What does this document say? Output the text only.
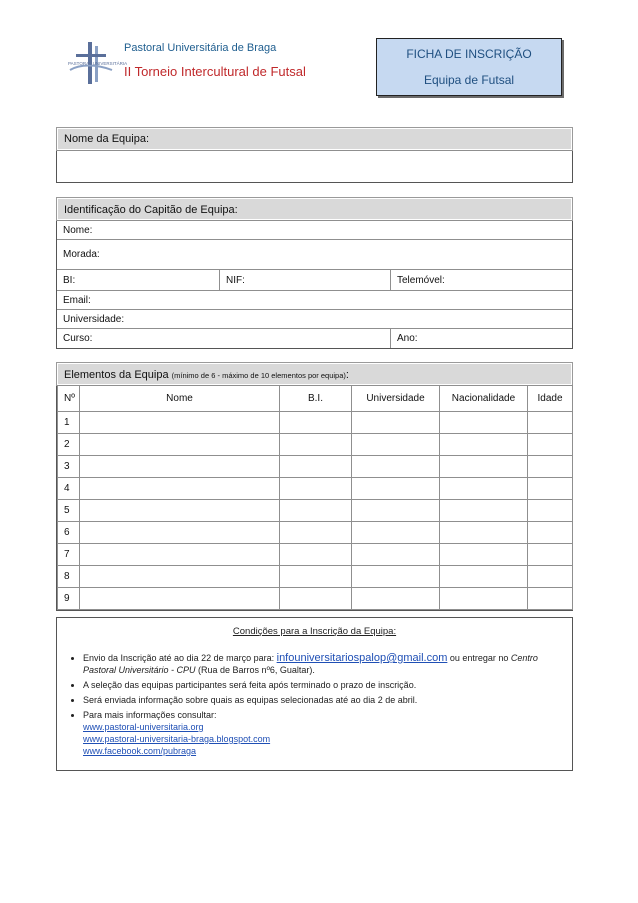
PASTORAL UNIVERSITÁRIA
Pastoral Universitária de Braga
II Torneio Intercultural de Futsal
FICHA DE INSCRIÇÃO
Equipa de Futsal
Nome da Equipa:
Identificação do Capitão de Equipa:
Nome:
Morada:
BI:	NIF:	Telemóvel:
Email:
Universidade:
Curso:	Ano:
Elementos da Equipa (mínimo de 6 - máximo de 10 elementos por equipa):
Nº	Nome	B.I.	Universidade	Nacionalidade	Idade
1					
2					
3					
4					
5					
6					
7					
8					
9					
Condições para a Inscrição da Equipa:
• Envio da Inscrição até ao dia 22 de março para: infouniversitariospalop@gmail.com ou entregar no Centro Pastoral Universitário - CPU (Rua de Barros nº6, Gualtar).
• A seleção das equipas participantes será feita após terminado o prazo de inscrição.
• Será enviada informação sobre quais as equipas selecionadas até ao dia 2 de abril.
• Para mais informações consultar:
www.pastoral-universitaria.org
www.pastoral-universitaria-braga.blogspot.com
www.facebook.com/pubraga
